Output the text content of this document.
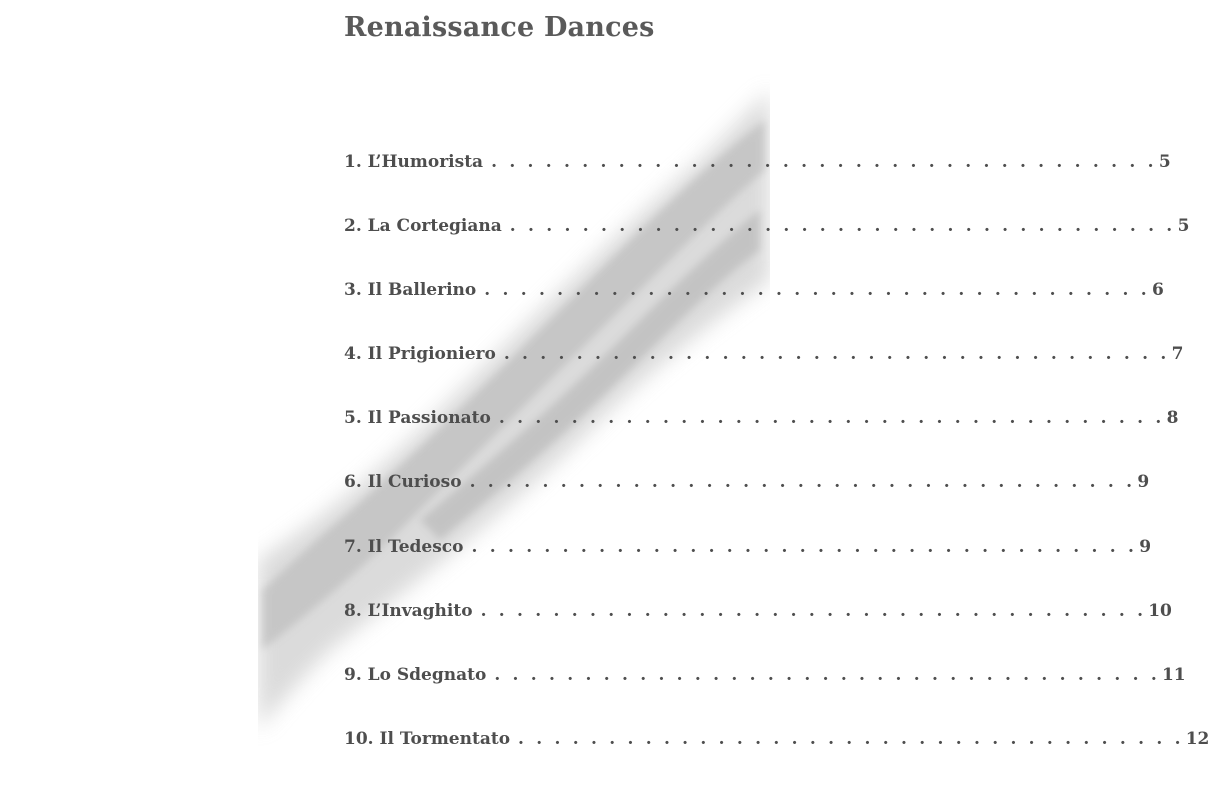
Renaissance Dances
1. L’Humorista . . . . . . . . . . . . . . . . . . . . . . . . . . . . . . . . . . . . . 5
2. La Cortegiana . . . . . . . . . . . . . . . . . . . . . . . . . . . . . . . . . . . . . 5
3. Il Ballerino . . . . . . . . . . . . . . . . . . . . . . . . . . . . . . . . . . . . . 6
4. Il Prigioniero . . . . . . . . . . . . . . . . . . . . . . . . . . . . . . . . . . . . . 7
5. Il Passionato . . . . . . . . . . . . . . . . . . . . . . . . . . . . . . . . . . . . . 8
6. Il Curioso . . . . . . . . . . . . . . . . . . . . . . . . . . . . . . . . . . . . . 9
7. Il Tedesco . . . . . . . . . . . . . . . . . . . . . . . . . . . . . . . . . . . . . 9
8. L’Invaghito . . . . . . . . . . . . . . . . . . . . . . . . . . . . . . . . . . . . . 10
9. Lo Sdegnato . . . . . . . . . . . . . . . . . . . . . . . . . . . . . . . . . . . . . 11
10. Il Tormentato . . . . . . . . . . . . . . . . . . . . . . . . . . . . . . . . . . . . . 12
